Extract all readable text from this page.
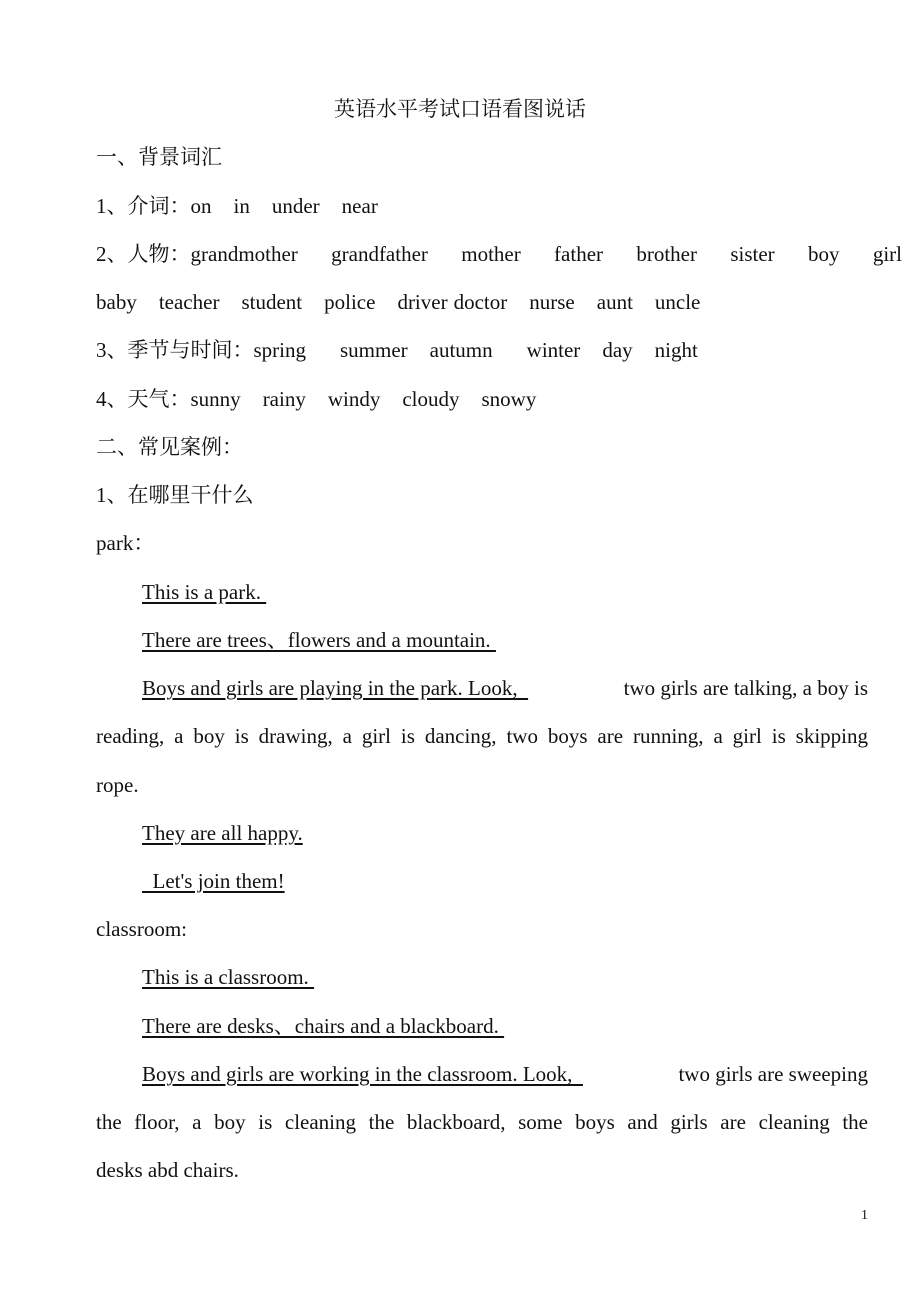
英语水平考试口语看图说话
一、背景词汇
1、介词：on in under near
2、人物：grandmother grandfather mother father brother sister boy girl
baby teacher student police driver doctor nurse aunt uncle
3、季节与时间：spring summer autumn winter day night
4、天气：sunny rainy windy cloudy snowy
二、常见案例：
1、在哪里干什么
park：
This is a park.
There are trees、flowers and a mountain.
Boys and girls are playing in the park. Look,	two girls are talking, a boy is
reading, a boy is drawing, a girl is dancing, two boys are running, a girl is skipping
rope.
They are all happy.
Let's join them!
classroom:
This is a classroom.
There are desks、chairs and a blackboard.
Boys and girls are working in the classroom. Look,	two girls are sweeping
the floor, a boy is cleaning the blackboard, some boys and girls are cleaning the
desks abd chairs.
1
